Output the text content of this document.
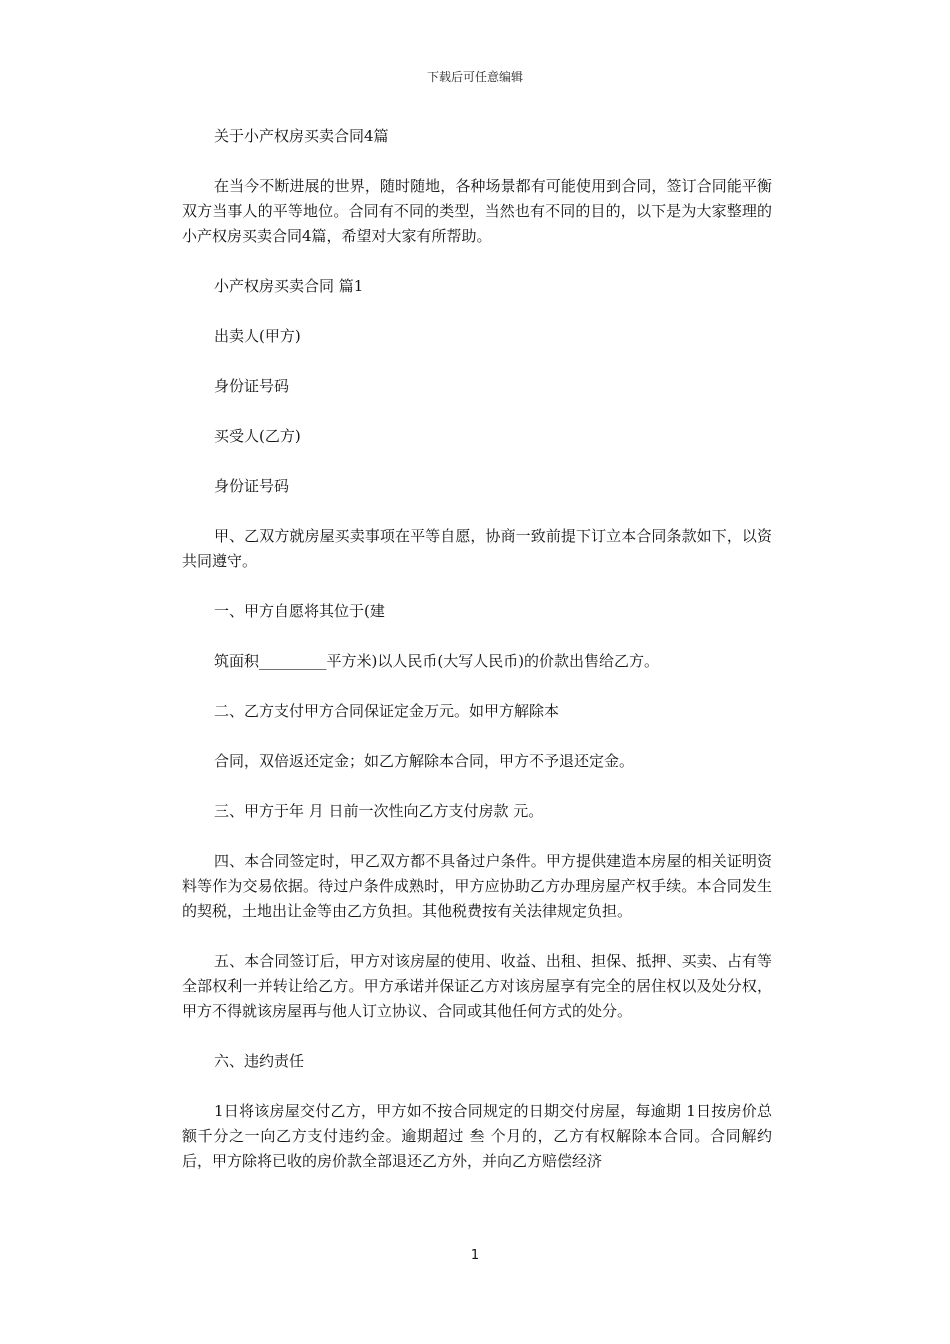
下载后可任意编辑

关于小产权房买卖合同4篇

在当今不断进展的世界，随时随地，各种场景都有可能使用到合同，签订合同能平衡双方当事人的平等地位。合同有不同的类型，当然也有不同的目的，以下是为大家整理的小产权房买卖合同4篇，希望对大家有所帮助。

小产权房买卖合同 篇1

出卖人(甲方)

身份证号码

买受人(乙方)

身份证号码

甲、乙双方就房屋买卖事项在平等自愿，协商一致前提下订立本合同条款如下，以资共同遵守。

一、甲方自愿将其位于(建

筑面积_________平方米)以人民币(大写人民币)的价款出售给乙方。

二、乙方支付甲方合同保证定金万元。如甲方解除本

合同，双倍返还定金；如乙方解除本合同，甲方不予退还定金。

三、甲方于年 月 日前一次性向乙方支付房款 元。

四、本合同签定时，甲乙双方都不具备过户条件。甲方提供建造本房屋的相关证明资料等作为交易依据。待过户条件成熟时，甲方应协助乙方办理房屋产权手续。本合同发生的契税，土地出让金等由乙方负担。其他税费按有关法律规定负担。

五、本合同签订后，甲方对该房屋的使用、收益、出租、担保、抵押、买卖、占有等全部权利一并转让给乙方。甲方承诺并保证乙方对该房屋享有完全的居住权以及处分权，甲方不得就该房屋再与他人订立协议、合同或其他任何方式的处分。

六、违约责任

1日将该房屋交付乙方，甲方如不按合同规定的日期交付房屋，每逾期 1日按房价总额千分之一向乙方支付违约金。逾期超过 叁 个月的，乙方有权解除本合同。合同解约后，甲方除将已收的房价款全部退还乙方外，并向乙方赔偿经济

1
